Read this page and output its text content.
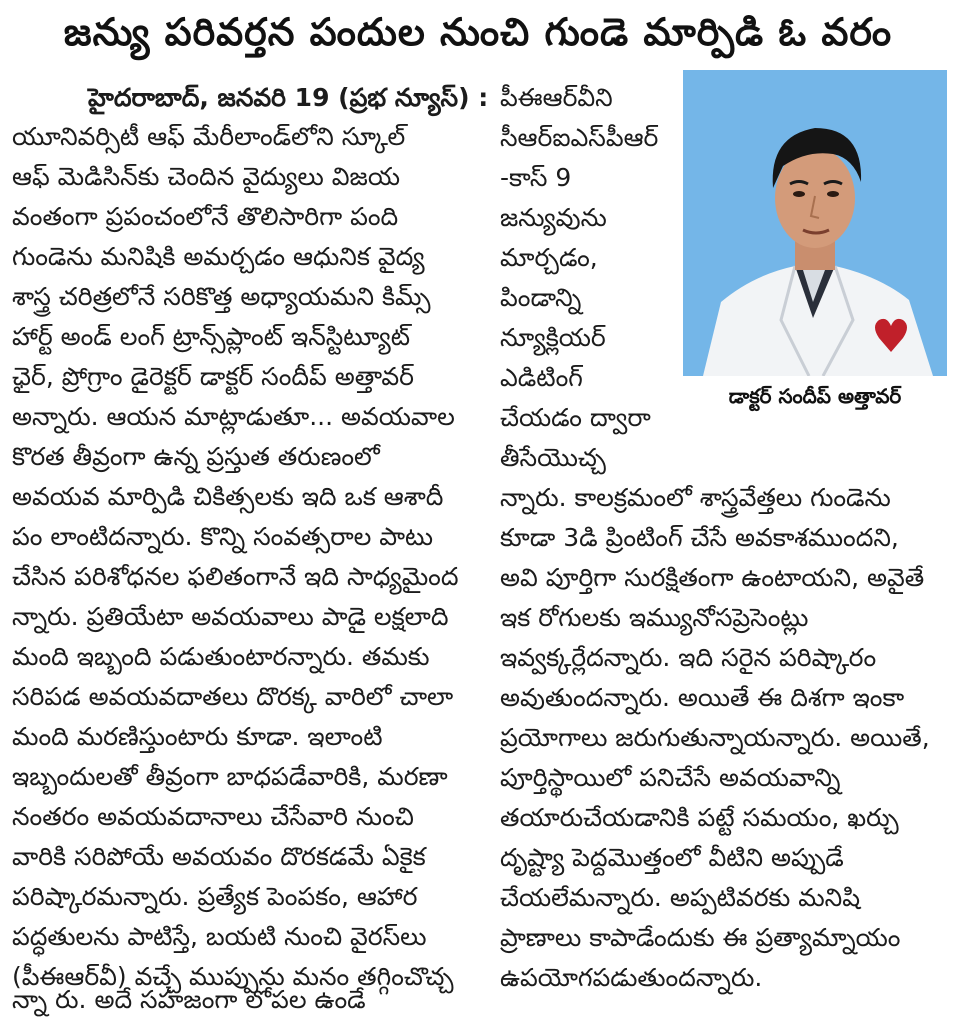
జన్యు పరివర్తన పందుల నుంచి గుండె మార్పిడి ఓ వరం
హైదరాబాద్, జనవరి 19 (ప్రభ న్యూస్) :
యూనివర్సిటీ ఆఫ్ మేరీలాండ్‌లోని స్కూల్
ఆఫ్ మెడిసిన్‌కు చెందిన వైద్యులు విజయ
వంతంగా ప్రపంచంలోనే తొలిసారిగా పంది
గుండెను మనిషికి అమర్చడం ఆధునిక వైద్య
శాస్త్ర చరిత్రలోనే సరికొత్త అధ్యాయమని కిమ్స్
హార్ట్ అండ్ లంగ్ ట్రాన్స్‌ప్లాంట్ ఇన్‌స్టిట్యూట్
ఛైర్, ప్రోగ్రాం డైరెక్టర్ డాక్టర్ సందీప్ అత్తావర్
అన్నారు. ఆయన మాట్లాడుతూ... అవయవాల
కొరత తీవ్రంగా ఉన్న ప్రస్తుత తరుణంలో
అవయవ మార్పిడి చికిత్సలకు ఇది ఒక ఆశాదీ
పం లాంటిదన్నారు. కొన్ని సంవత్సరాల పాటు
చేసిన పరిశోధనల ఫలితంగానే ఇది సాధ్యమైంద
న్నారు. ప్రతియేటా అవయవాలు పాడై లక్షలాది
మంది ఇబ్బంది పడుతుంటారన్నారు. తమకు
సరిపడ అవయవదాతలు దొరక్క వారిలో చాలా
మంది మరణిస్తుంటారు కూడా. ఇలాంటి
ఇబ్బందులతో తీవ్రంగా బాధపడేవారికి, మరణా
నంతరం అవయవదానాలు చేసేవారి నుంచి
వారికి సరిపోయే అవయవం దొరకడమే ఏకైక
పరిష్కారమన్నారు. ప్రత్యేక పెంపకం, ఆహార
పద్ధతులను పాటిస్తే, బయటి నుంచి వైరస్‌లు
(పీఈఆర్‌వీ) వచ్చే ముప్పును మనం తగ్గించొచ్చ
న్నా రు. అదే సహజంగా లోపల ఉండే
పీఈఆర్‌వీని
సీఆర్ఐఎస్‌పీఆర్
-కాస్ 9
జన్యువును
మార్చడం,
పిండాన్ని
న్యూక్లియర్
ఎడిటింగ్
చేయడం ద్వారా
తీసేయొచ్చ
న్నారు. కాలక్రమంలో శాస్త్రవేత్తలు గుండెను
కూడా 3డి ప్రింటింగ్ చేసే అవకాశముందని,
అవి పూర్తిగా సురక్షితంగా ఉంటాయని, అవైతే
ఇక రోగులకు ఇమ్యునోసప్రెసెంట్లు
ఇవ్వక్కర్లేదన్నారు. ఇది సరైన పరిష్కారం
అవుతుందన్నారు. అయితే ఈ దిశగా ఇంకా
ప్రయోగాలు జరుగుతున్నాయన్నారు. అయితే,
పూర్తిస్థాయిలో పనిచేసే అవయవాన్ని
తయారుచేయడానికి పట్టే సమయం, ఖర్చు
దృష్ట్యా పెద్దమొత్తంలో వీటిని అప్పుడే
చేయలేమన్నారు. అప్పటివరకు మనిషి
ప్రాణాలు కాపాడేందుకు ఈ ప్రత్యామ్నాయం
ఉపయోగపడుతుందన్నారు.
డాక్టర్ సందీప్ అత్తావర్
